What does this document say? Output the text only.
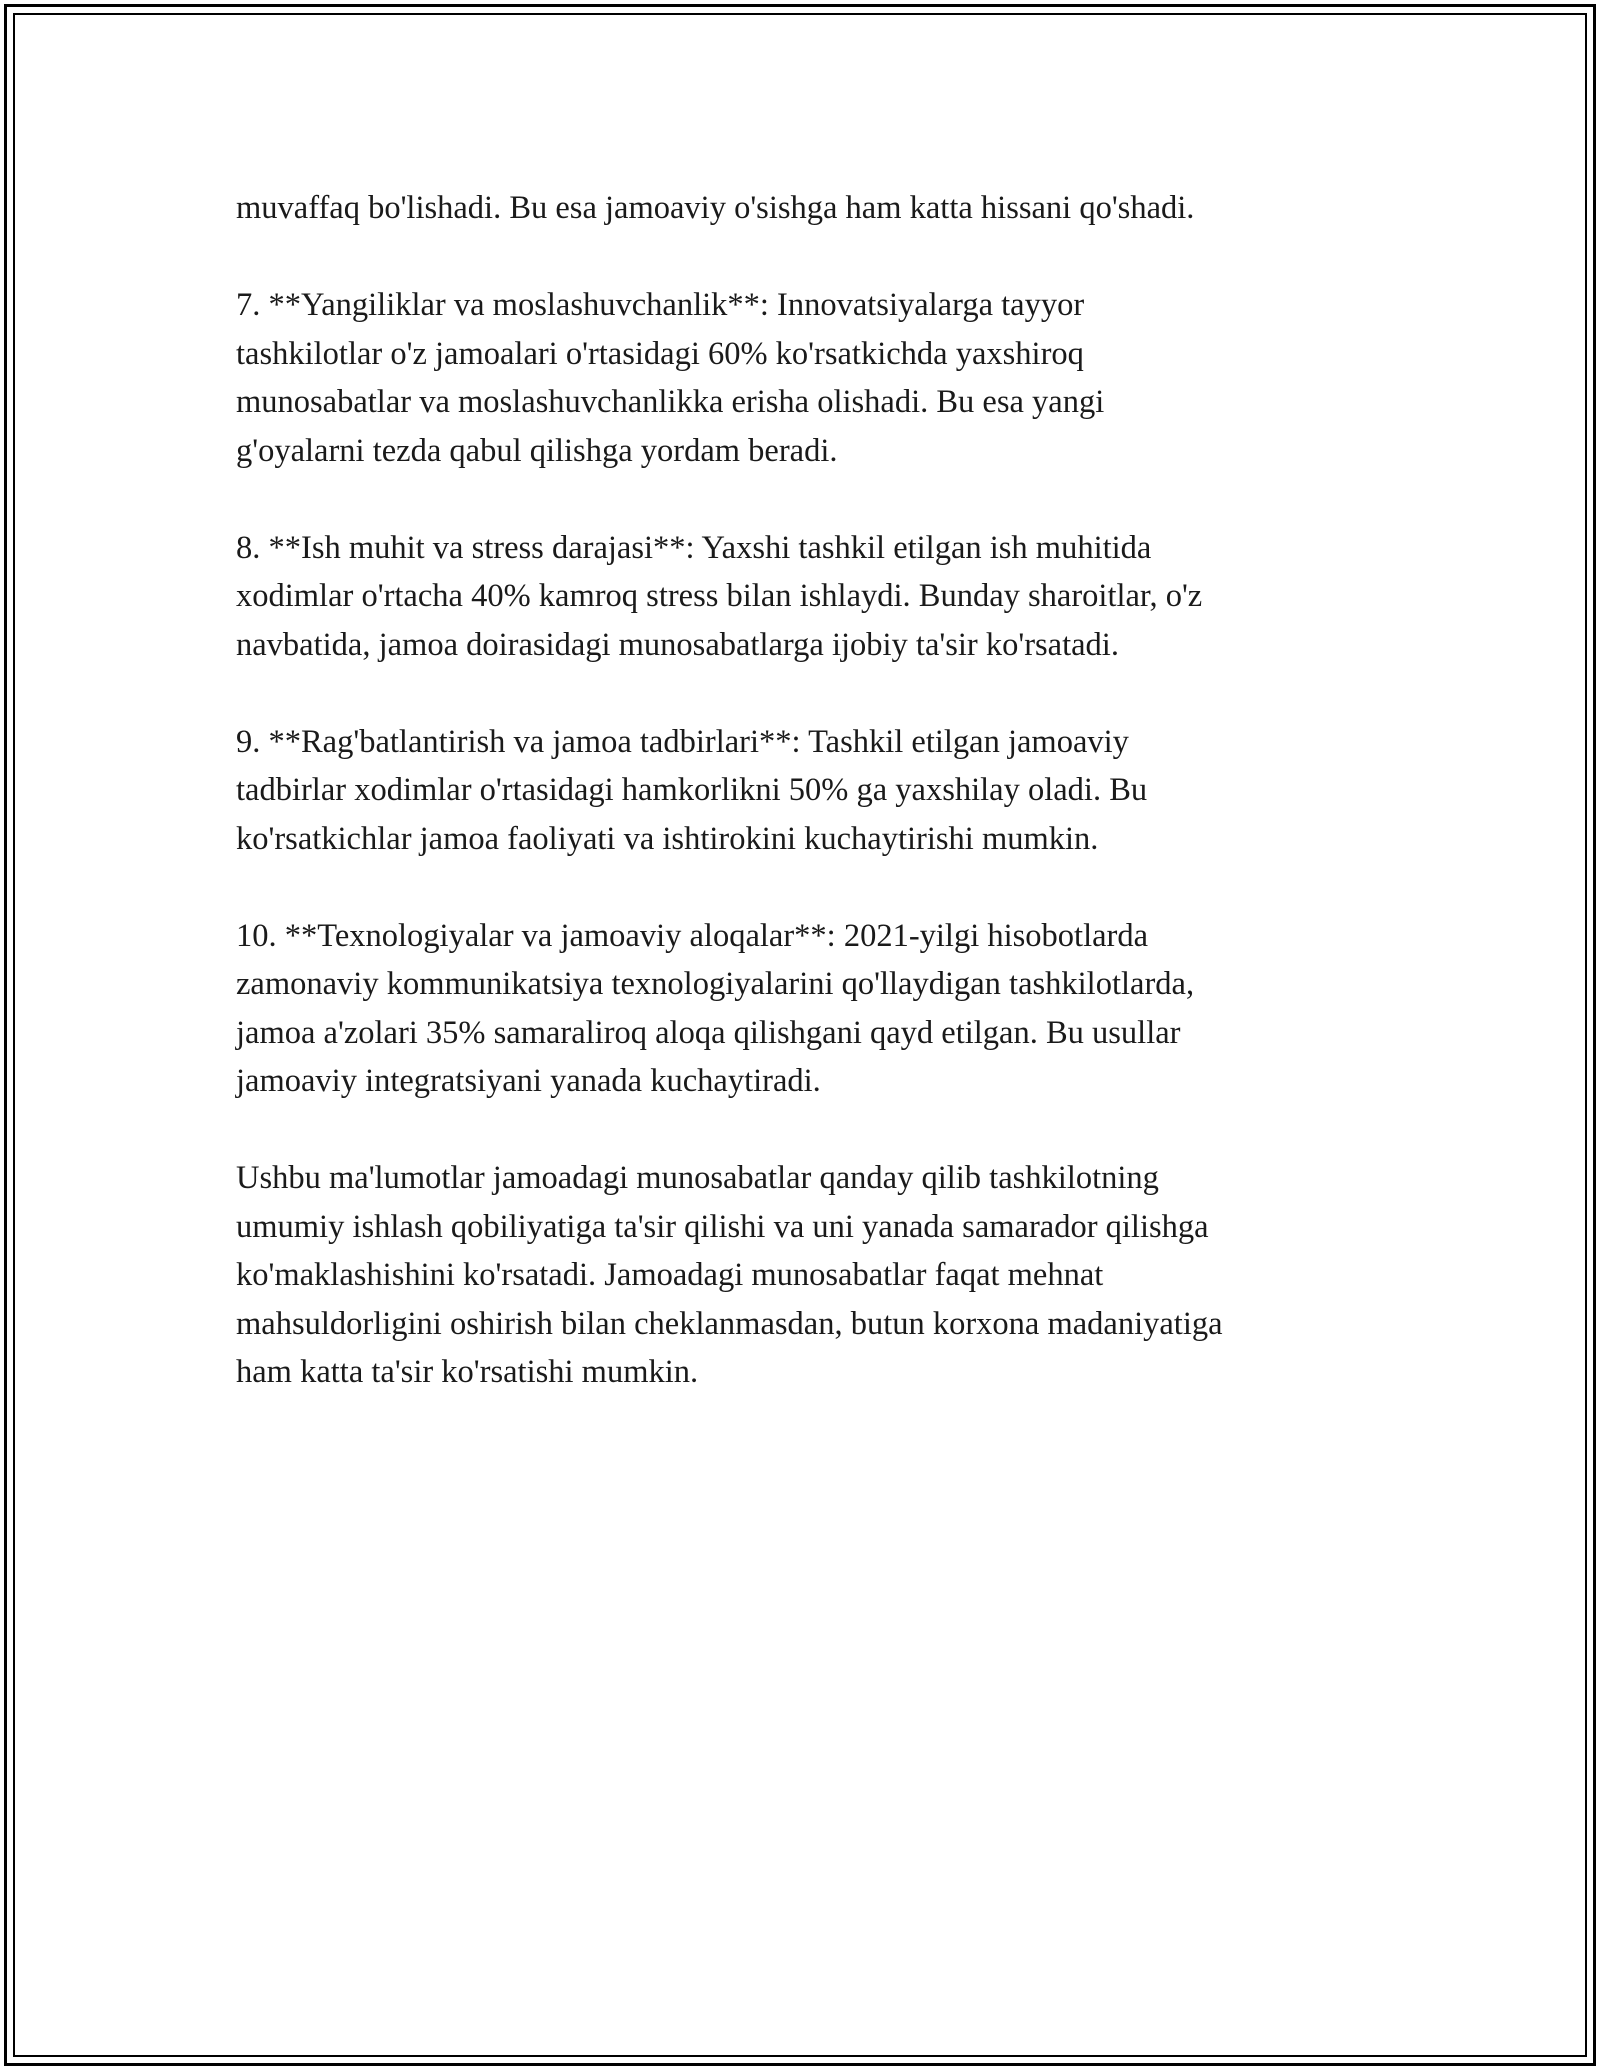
muvaffaq bo'lishadi. Bu esa jamoaviy o'sishga ham katta hissani qo'shadi.

7. **Yangiliklar va moslashuvchanlik**: Innovatsiyalarga tayyor
tashkilotlar o'z jamoalari o'rtasidagi 60% ko'rsatkichda yaxshiroq
munosabatlar va moslashuvchanlikka erisha olishadi. Bu esa yangi
g'oyalarni tezda qabul qilishga yordam beradi.

8. **Ish muhit va stress darajasi**: Yaxshi tashkil etilgan ish muhitida
xodimlar o'rtacha 40% kamroq stress bilan ishlaydi. Bunday sharoitlar, o'z
navbatida, jamoa doirasidagi munosabatlarga ijobiy ta'sir ko'rsatadi.

9. **Rag'batlantirish va jamoa tadbirlari**: Tashkil etilgan jamoaviy
tadbirlar xodimlar o'rtasidagi hamkorlikni 50% ga yaxshilay oladi. Bu
ko'rsatkichlar jamoa faoliyati va ishtirokini kuchaytirishi mumkin.

10. **Texnologiyalar va jamoaviy aloqalar**: 2021-yilgi hisobotlarda
zamonaviy kommunikatsiya texnologiyalarini qo'llaydigan tashkilotlarda,
jamoa a'zolari 35% samaraliroq aloqa qilishgani qayd etilgan. Bu usullar
jamoaviy integratsiyani yanada kuchaytiradi.

Ushbu ma'lumotlar jamoadagi munosabatlar qanday qilib tashkilotning
umumiy ishlash qobiliyatiga ta'sir qilishi va uni yanada samarador qilishga
ko'maklashishini ko'rsatadi. Jamoadagi munosabatlar faqat mehnat
mahsuldorligini oshirish bilan cheklanmasdan, butun korxona madaniyatiga
ham katta ta'sir ko'rsatishi mumkin.
